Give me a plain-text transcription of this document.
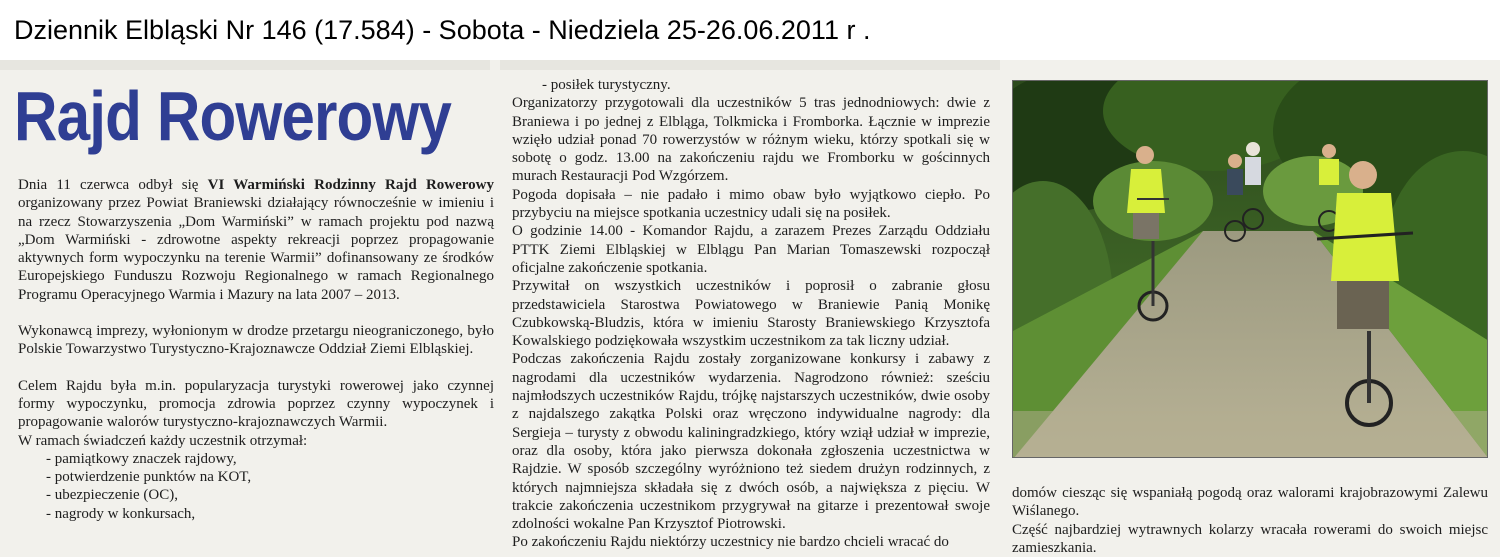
Dziennik Elbląski Nr 146 (17.584) - Sobota - Niedziela 25-26.06.2011 r .
Rajd Rowerowy

Dnia 11 czerwca odbył się VI Warmiński Rodzinny Rajd Rowerowy organizowany przez Powiat Braniewski działający równocześnie w imieniu i na rzecz Stowarzyszenia „Dom Warmiński” w ramach projektu pod nazwą „Dom Warmiński - zdrowotne aspekty rekreacji poprzez propagowanie aktywnych form wypoczynku na terenie Warmii” dofinansowany ze środków Europejskiego Funduszu Rozwoju Regionalnego w ramach Regionalnego Programu Operacyjnego Warmia i Mazury na lata 2007 – 2013.

Wykonawcą imprezy, wyłonionym w drodze przetargu nieograniczonego, było Polskie Towarzystwo Turystyczno-Krajoznawcze Oddział Ziemi Elbląskiej.

Celem Rajdu była m.in. popularyzacja turystyki rowerowej jako czynnej formy wypoczynku, promocja zdrowia poprzez czynny wypoczynek i propagowanie walorów turystyczno-krajoznawczych Warmii.

W ramach świadczeń każdy uczestnik otrzymał:

- pamiątkowy znaczek rajdowy,
- potwierdzenie punktów na KOT,
- ubezpieczenie (OC),
- nagrody w konkursach,
- posiłek turystyczny.

Organizatorzy przygotowali dla uczestników 5 tras jednodniowych: dwie z Braniewa i po jednej z Elbląga, Tolkmicka i Fromborka. Łącznie w imprezie wzięło udział ponad 70 rowerzystów w różnym wieku, którzy spotkali się w sobotę o godz. 13.00 na zakończeniu rajdu we Fromborku w gościnnych murach Restauracji Pod Wzgórzem.

Pogoda dopisała – nie padało i mimo obaw było wyjątkowo ciepło. Po przybyciu na miejsce spotkania uczestnicy udali się na posiłek.

O godzinie 14.00 - Komandor Rajdu, a zarazem Prezes Zarządu Oddziału PTTK Ziemi Elbląskiej w Elblągu Pan Marian Tomaszewski rozpoczął oficjalne zakończenie spotkania.

Przywitał on wszystkich uczestników i poprosił o zabranie głosu przedstawiciela Starostwa Powiatowego w Braniewie Panią Monikę Czubkowską-Bludzis, która w imieniu Starosty Braniewskiego Krzysztofa Kowalskiego podziękowała wszystkim uczestnikom za tak liczny udział.

Podczas zakończenia Rajdu zostały zorganizowane konkursy i zabawy z nagrodami dla uczestników wydarzenia. Nagrodzono również: sześciu najmłodszych uczestników Rajdu, trójkę najstarszych uczestników, dwie osoby z najdalszego zakątka Polski oraz wręczono indywidualne nagrody: dla Sergieja – turysty z obwodu kaliningradzkiego, który wziął udział w imprezie, oraz dla osoby, która jako pierwsza dokonała zgłoszenia uczestnictwa w Rajdzie. W sposób szczególny wyróżniono też siedem drużyn rodzinnych, z których najmniejsza składała się z dwóch osób, a największa z pięciu. W trakcie zakończenia uczestnikom przygrywał na gitarze i prezentował swoje zdolności wokalne Pan Krzysztof Piotrowski.

Po zakończeniu Rajdu niektórzy uczestnicy nie bardzo chcieli wracać do

domów ciesząc się wspaniałą pogodą oraz walorami krajobrazowymi Zalewu Wiślanego.

Część najbardziej wytrawnych kolarzy wracała rowerami do swoich miejsc zamieszkania.
